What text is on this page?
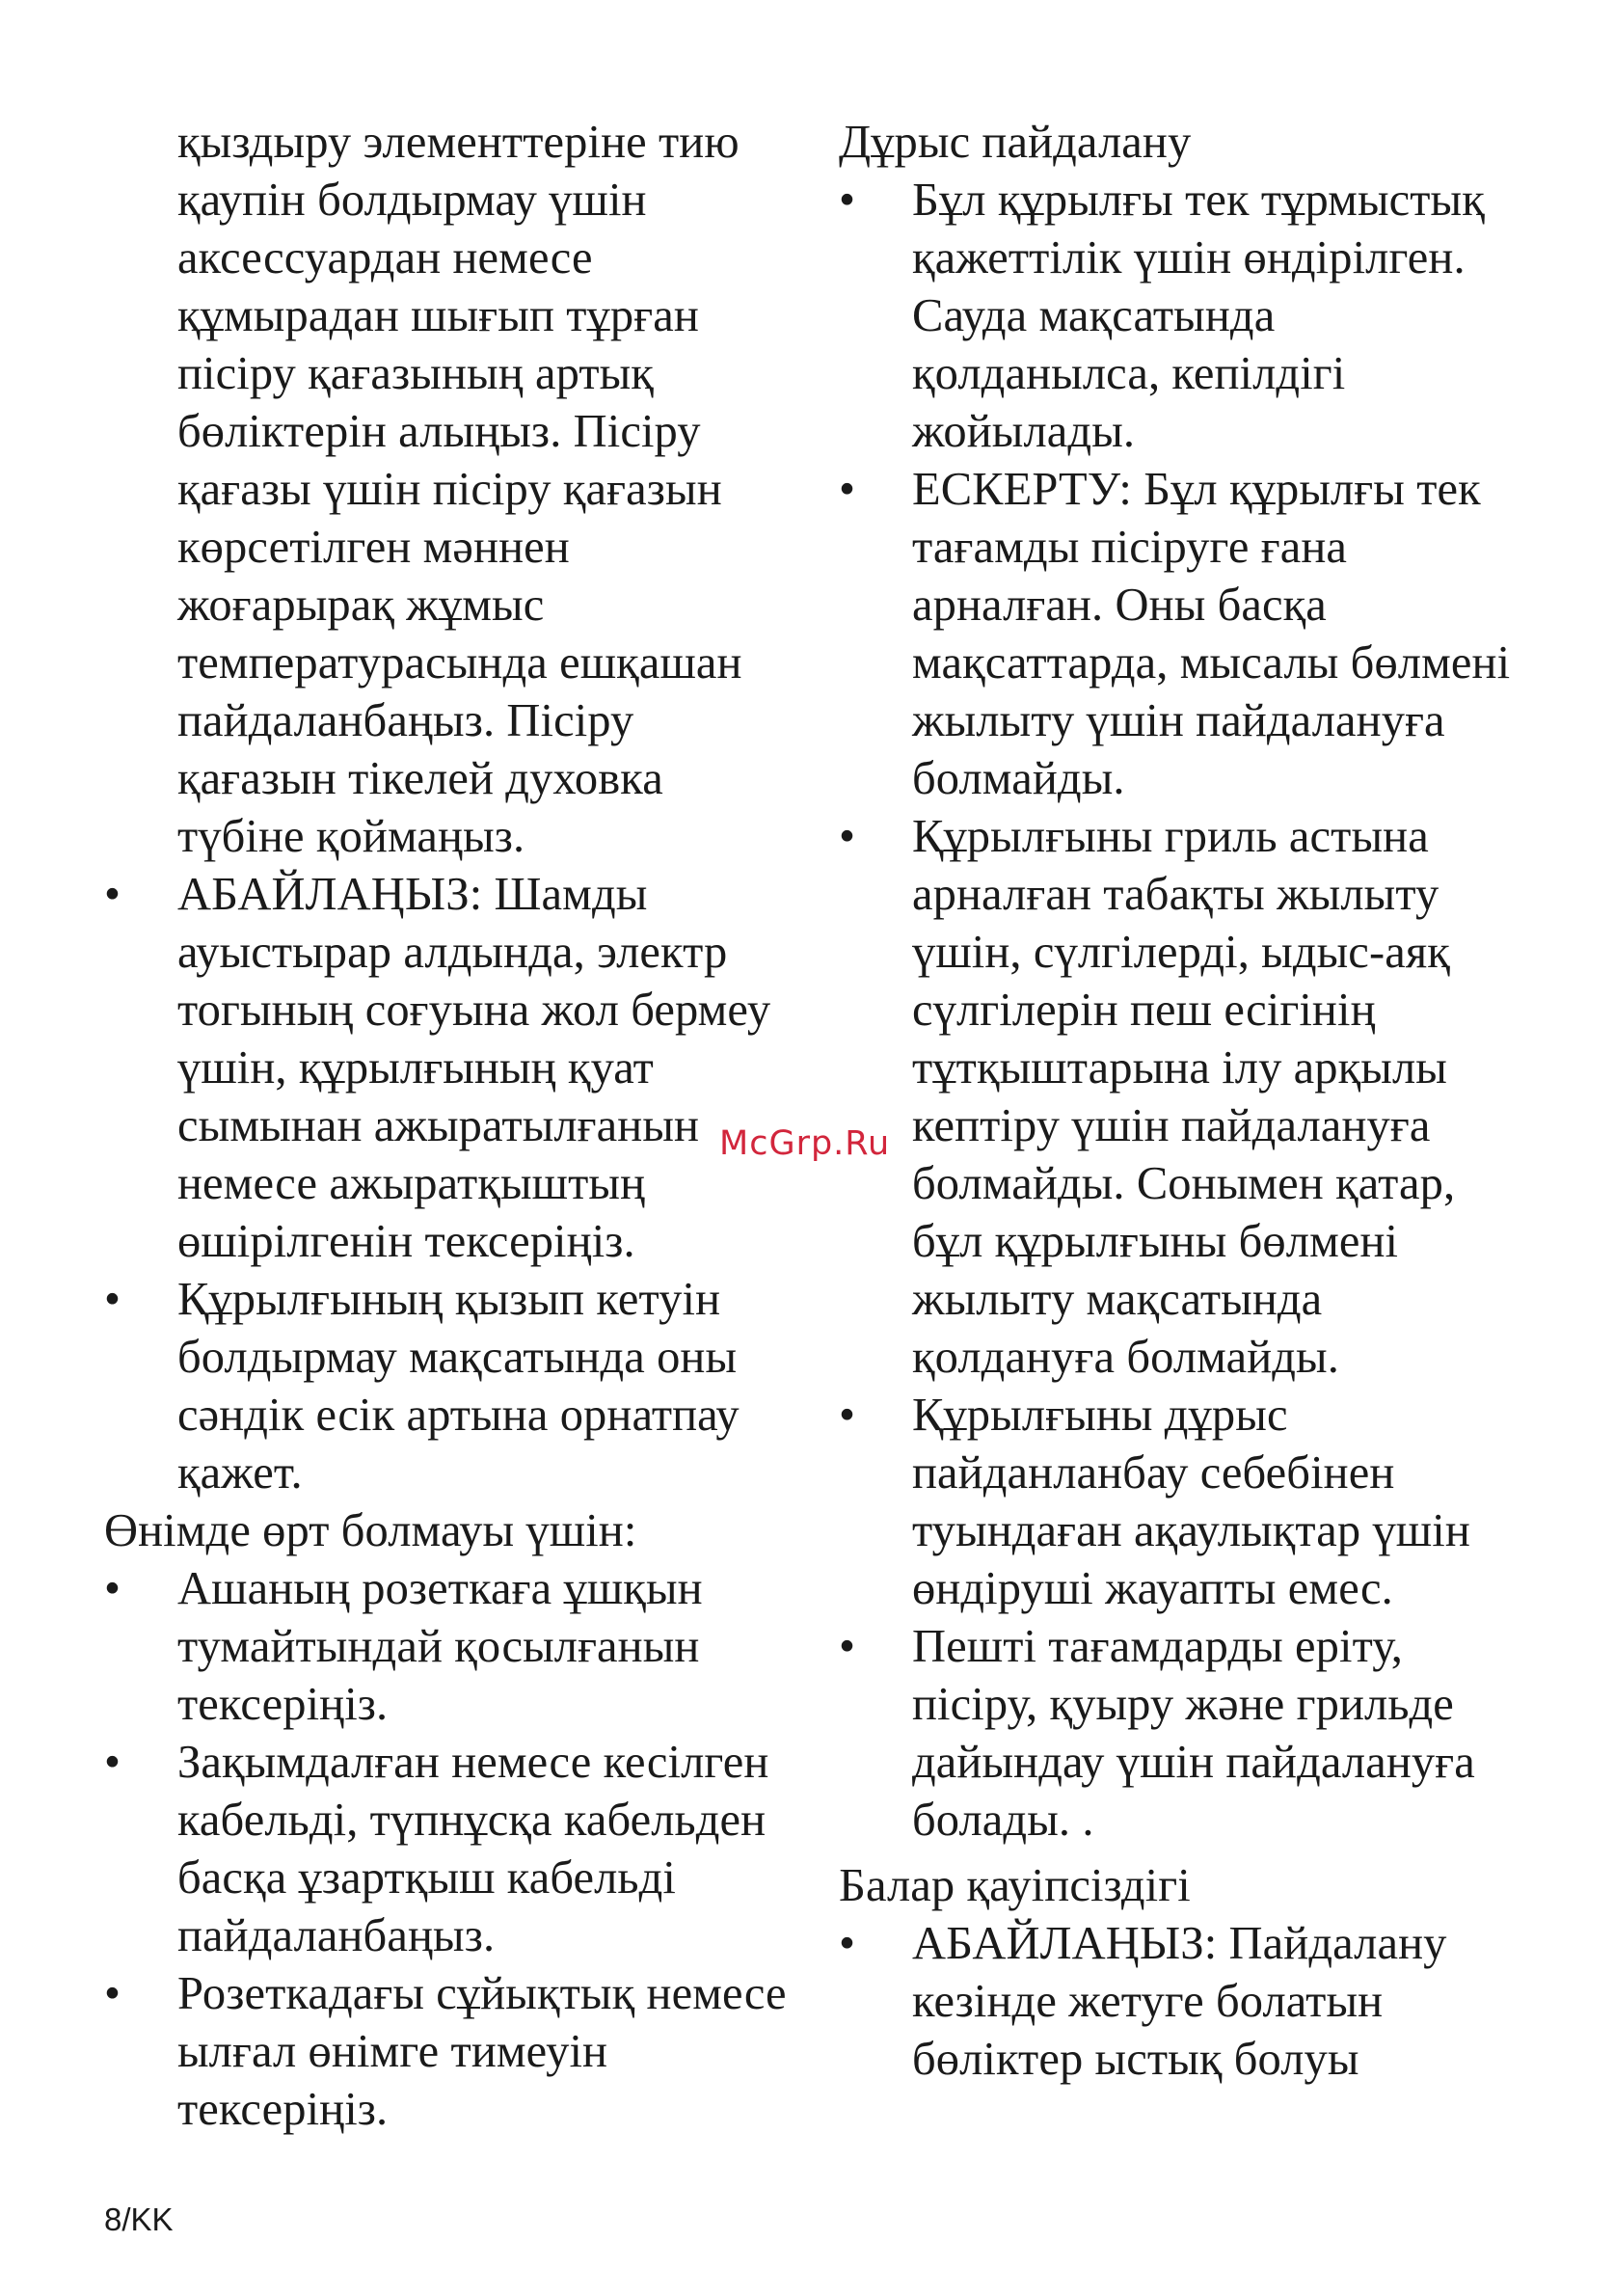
қыздыру элементтеріне тию қаупін болдырмау үшін аксессуардан немесе құмырадан шығып тұрған пісіру қағазының артық бөліктерін алыңыз. Пісіру қағазы үшін пісіру қағазын көрсетілген мәннен жоғарырақ жұмыс температурасында ешқашан пайдаланбаңыз. Пісіру қағазын тікелей духовка түбіне қоймаңыз.

•	АБАЙЛАҢЫЗ: Шамды ауыстырар алдында, электр тогының соғуына жол бермеу үшін, құрылғының қуат сымынан ажыратылғанын немесе ажыратқыштың өшірілгенін тексеріңіз.
•	Құрылғының қызып кетуін болдырмау мақсатында оны сәндік есік артына орнатпау қажет.

Өнімде өрт болмауы үшін:

•	Ашаның розеткаға ұшқын тумайтындай қосылғанын тексеріңіз.
•	Зақымдалған немесе кесілген кабельді, түпнұсқа кабельден басқа ұзартқыш кабельді пайдаланбаңыз.
•	Розеткадағы сұйықтық немесе ылғал өнімге тимеуін тексеріңіз.

Дұрыс пайдалану

•	Бұл құрылғы тек тұрмыстық қажеттілік үшін өндірілген. Сауда мақсатында қолданылса, кепілдігі жойылады.
•	ЕСКЕРТУ: Бұл құрылғы тек тағамды пісіруге ғана арналған. Оны басқа мақсаттарда, мысалы бөлмені жылыту үшін пайдалануға болмайды.
•	Құрылғыны гриль астына арналған табақты жылыту үшін, сүлгілерді, ыдыс-аяқ сүлгілерін пеш есігінің тұтқыштарына ілу арқылы кептіру үшін пайдалануға болмайды. Сонымен қатар, бұл құрылғыны бөлмені жылыту мақсатында қолдануға болмайды.
•	Құрылғыны дұрыс пайданланбау себебінен туындаған ақаулықтар үшін өндіруші жауапты емес.
•	Пешті тағамдарды еріту, пісіру, қуыру және грильде дайындау үшін пайдалануға болады. .

Балар қауіпсіздігі

•	АБАЙЛАҢЫЗ: Пайдалану кезінде жетуге болатын бөліктер ыстық болуы
McGrp.Ru
8/KK
